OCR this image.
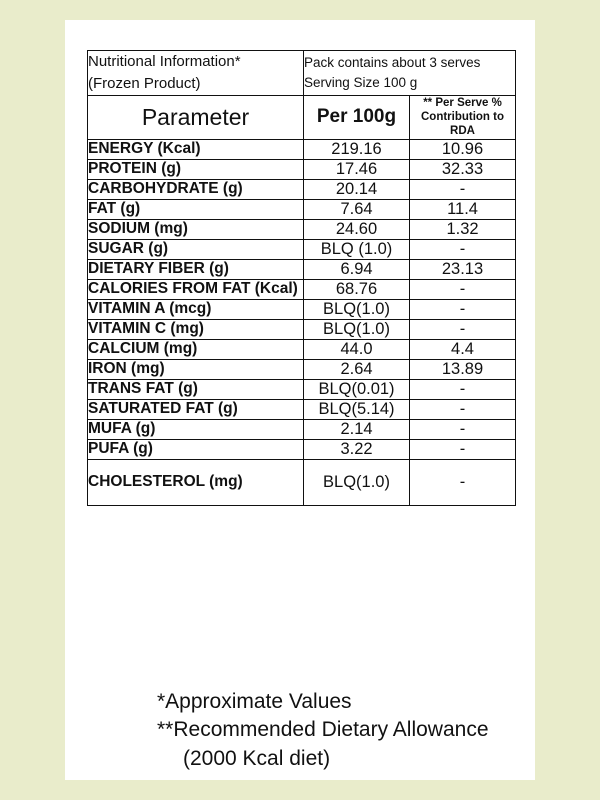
Nutritional Information*
(Frozen Product)

Pack contains about 3 serves
Serving Size 100 g

Parameter	Per 100g	** Per Serve %
Contribution to
RDA

ENERGY (Kcal)	219.16	10.96
PROTEIN (g)	17.46	32.33
CARBOHYDRATE (g)	20.14	-
FAT (g)	7.64	11.4
SODIUM (mg)	24.60	1.32
SUGAR (g)	BLQ (1.0)	-
DIETARY FIBER (g)	6.94	23.13
CALORIES FROM FAT (Kcal)	68.76	-
VITAMIN A (mcg)	BLQ(1.0)	-
VITAMIN C (mg)	BLQ(1.0)	-
CALCIUM (mg)	44.0	4.4
IRON (mg)	2.64	13.89
TRANS FAT (g)	BLQ(0.01)	-
SATURATED FAT (g)	BLQ(5.14)	-
MUFA (g)	2.14	-
PUFA (g)	3.22	-
CHOLESTEROL (mg)	BLQ(1.0)	-
*Approximate Values
**Recommended Dietary Allowance
(2000 Kcal diet)
